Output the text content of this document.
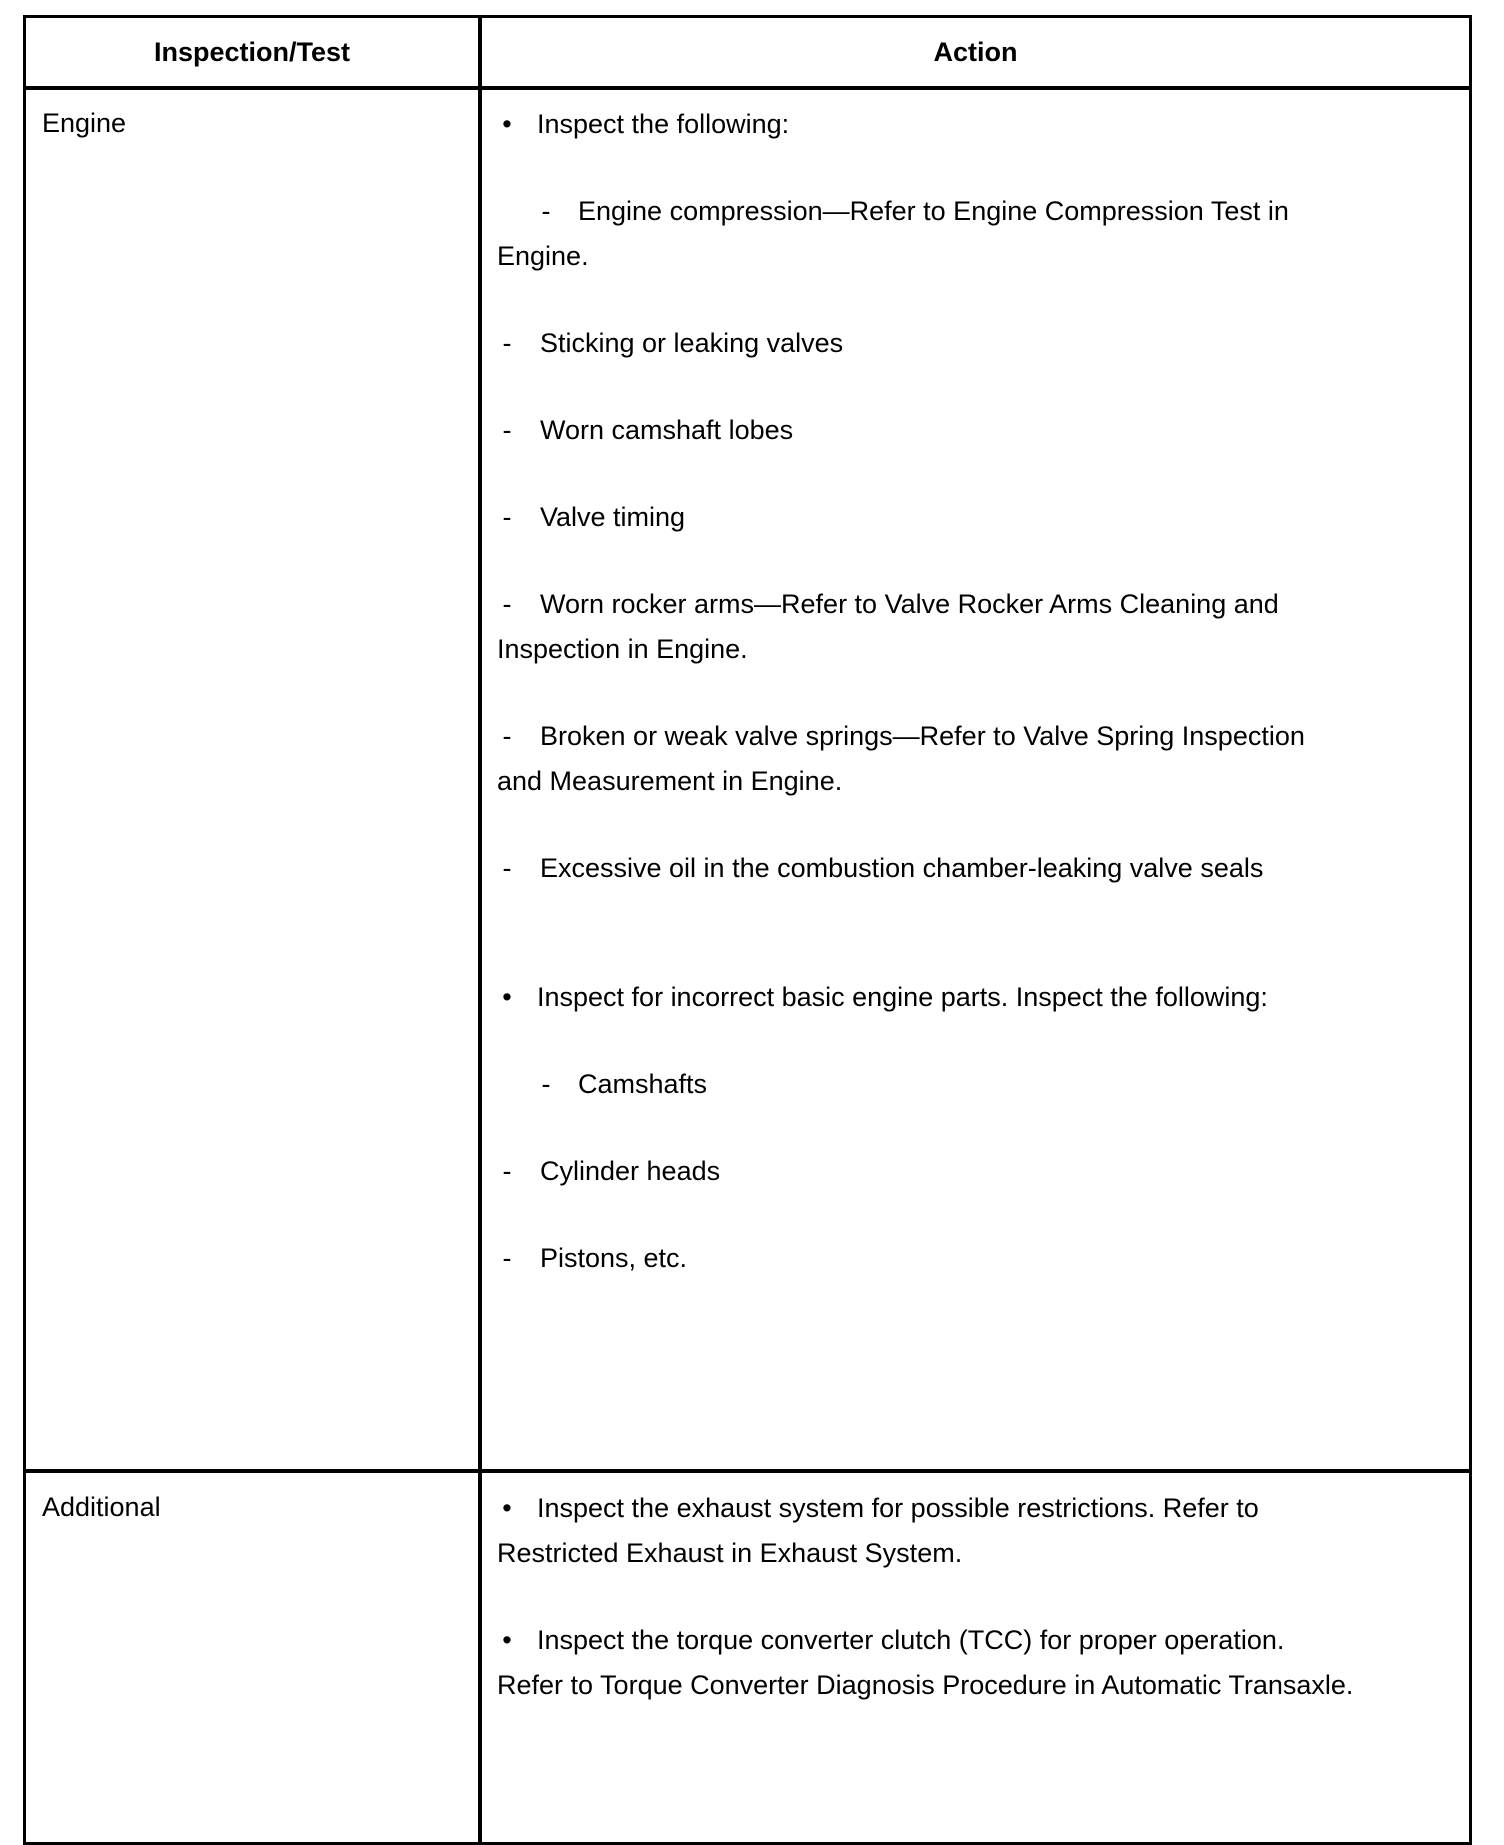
Inspection/Test	Action
Engine	• Inspect the following:
- Engine compression—Refer to Engine Compression Test in
Engine.
- Sticking or leaking valves
- Worn camshaft lobes
- Valve timing
- Worn rocker arms—Refer to Valve Rocker Arms Cleaning and
Inspection in Engine.
- Broken or weak valve springs—Refer to Valve Spring Inspection
and Measurement in Engine.
- Excessive oil in the combustion chamber-leaking valve seals
• Inspect for incorrect basic engine parts. Inspect the following:
- Camshafts
- Cylinder heads
- Pistons, etc.
Additional	• Inspect the exhaust system for possible restrictions. Refer to
Restricted Exhaust in Exhaust System.
• Inspect the torque converter clutch (TCC) for proper operation.
Refer to Torque Converter Diagnosis Procedure in Automatic Transaxle.
